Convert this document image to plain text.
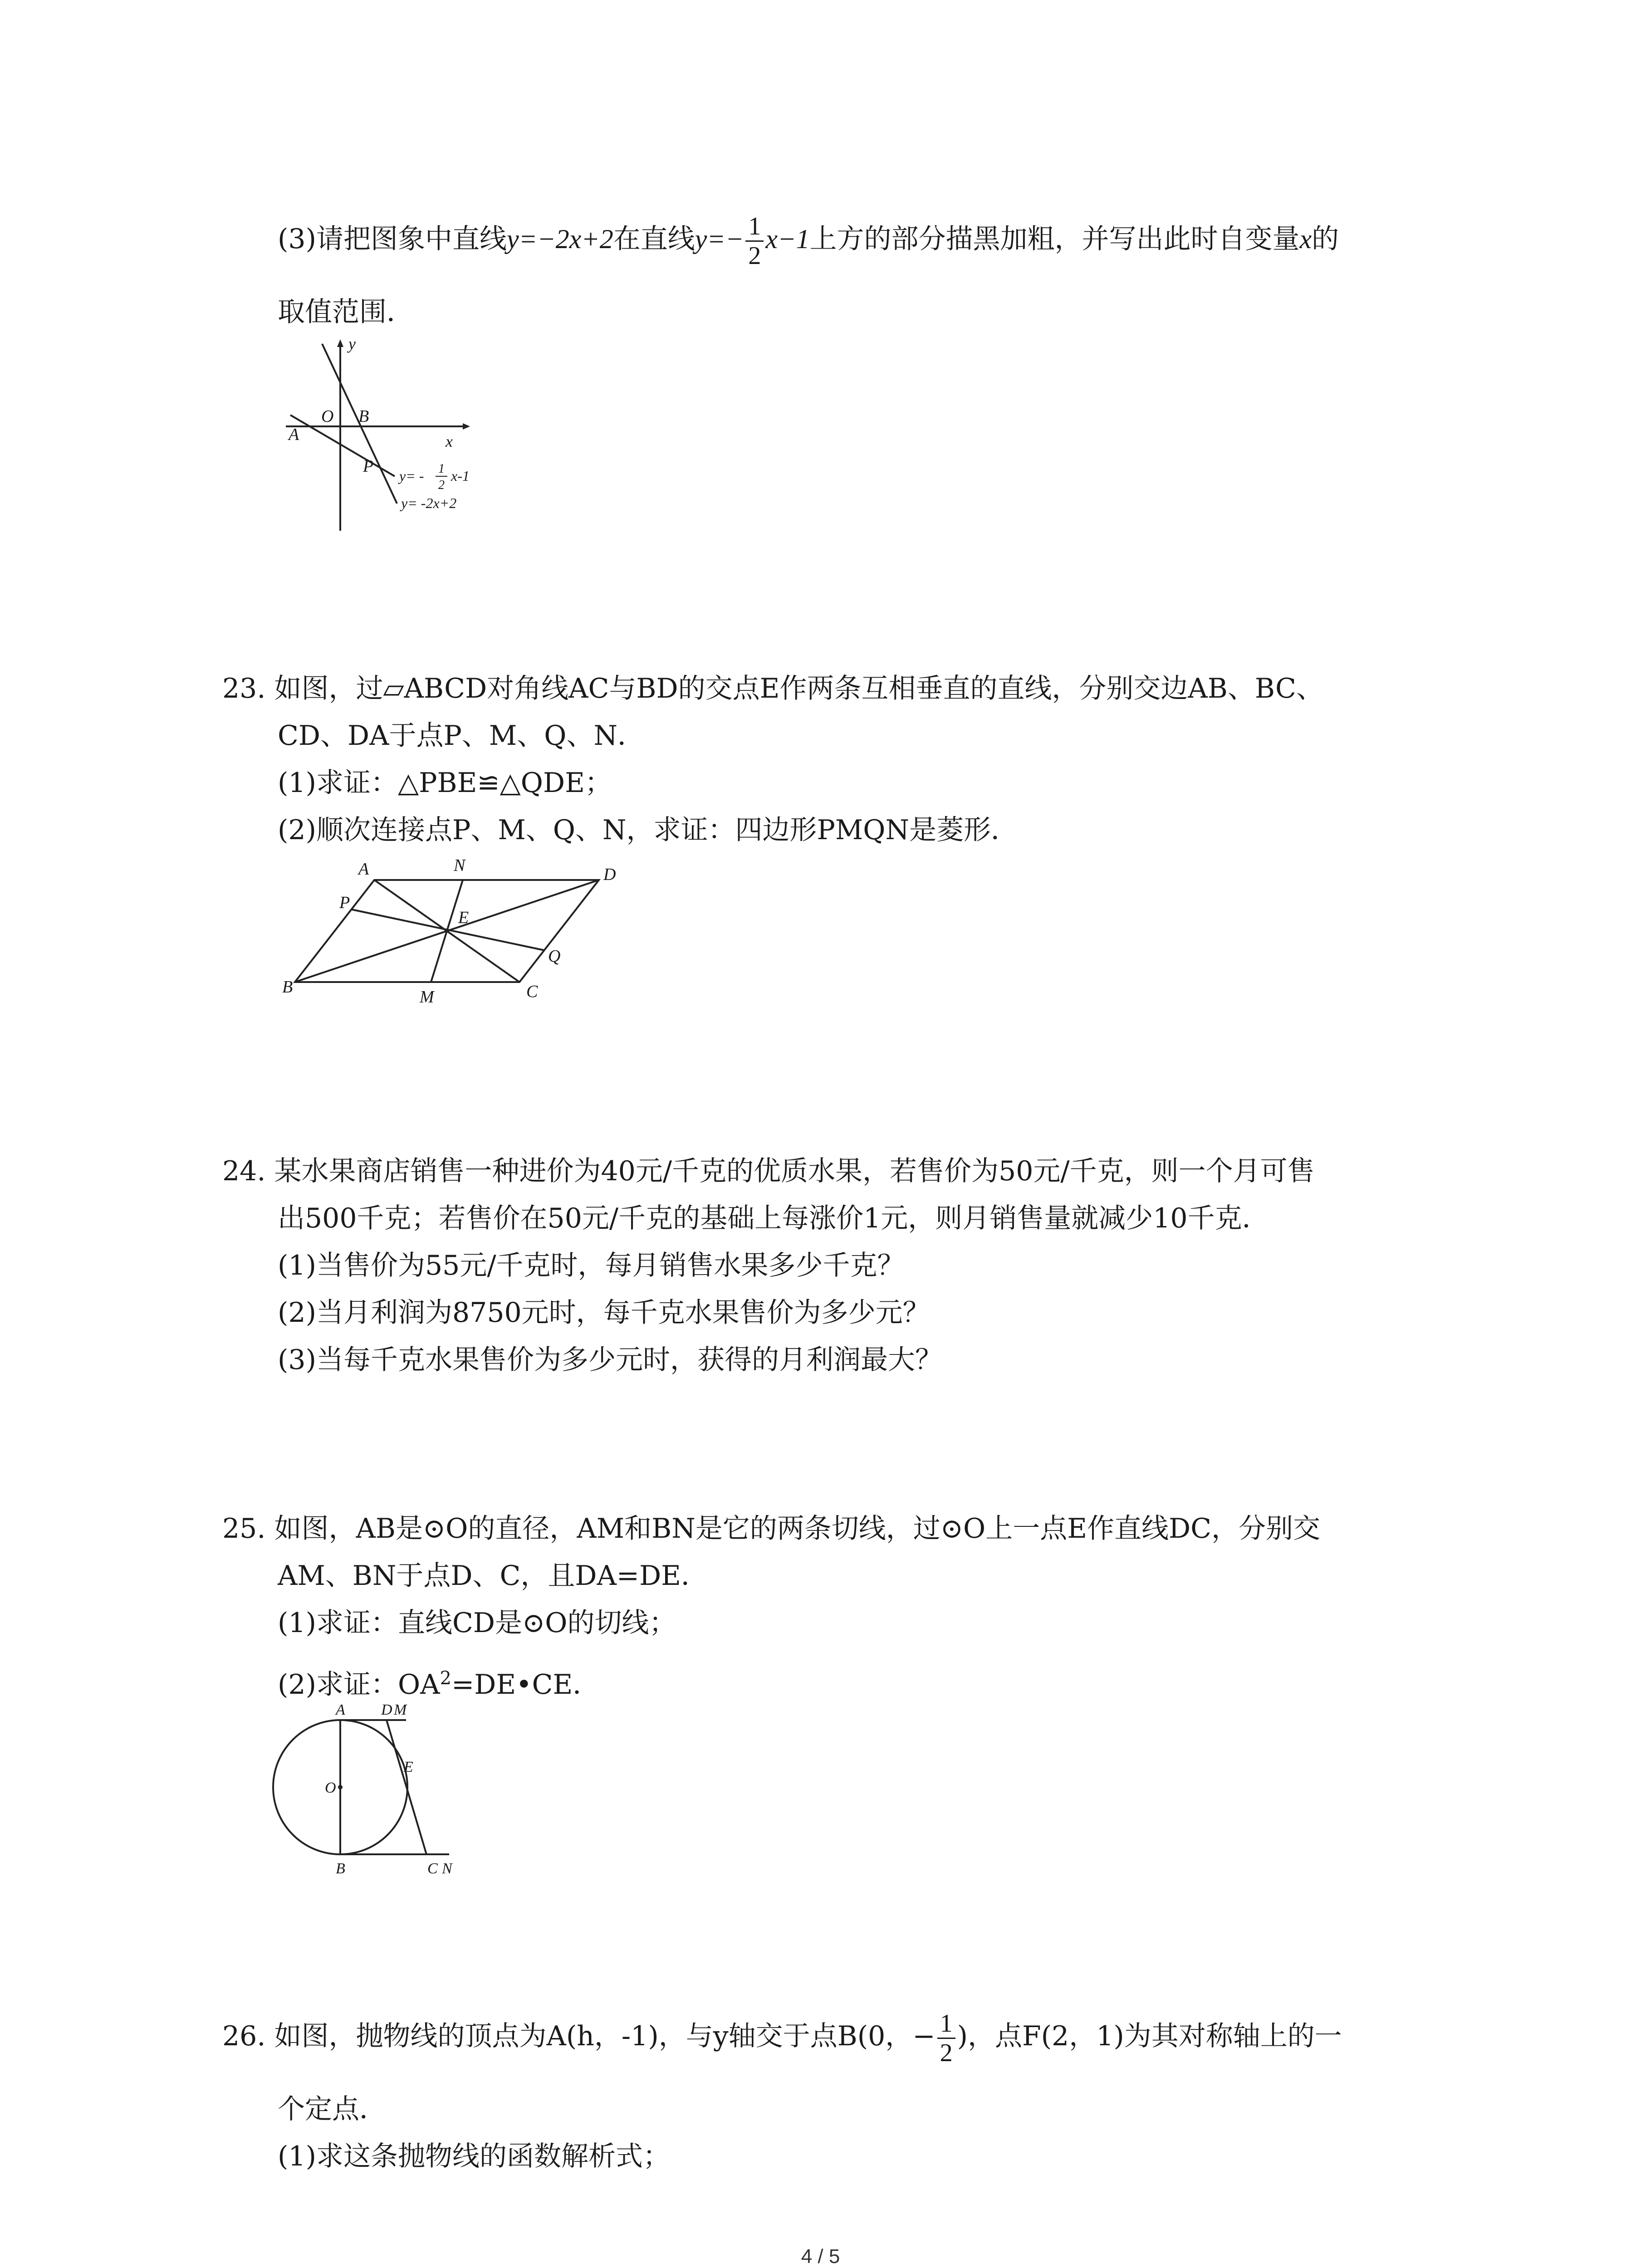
(3)请把图象中直线y=−2x+2在直线$y=- \frac{1}{2} x-1$上方的部分描黑加粗，并写出此时自变量x的
取值范围．
y
x
O B
A
P y= - 1
2
x-1
y= -2x+2
23. 如图，过▱ABCD对角线AC与BD的交点E作两条互相垂直的直线，分别交边AB、BC、
CD、DA于点P、M、Q、N．
(1)求证：△PBE≌△QDE；
(2)顺次连接点P、M、Q、N，求证：四边形PMQN是菱形．
A	N	D
P
E
Q
B
M	C
24. 某水果商店销售一种进价为40元/千克的优质水果，若售价为50元/千克，则一个月可售
出500千克；若售价在50元/千克的基础上每涨价1元，则月销售量就减少10千克．
(1)当售价为55元/千克时，每月销售水果多少千克？
(2)当月利润为8750元时，每千克水果售价为多少元？
(3)当每千克水果售价为多少元时，获得的月利润最大？
25. 如图，AB是⊙O的直径，AM和BN是它的两条切线，过⊙O上一点E作直线DC，分别交
AM、BN于点D、C，且DA=DE．
(1)求证：直线CD是⊙O的切线；
(2)求证：$OA^2=DE•CE$．
A D M
O
E
B	C N
26. 如图，抛物线的顶点为A(h，-1)，与y轴交于点B(0，− $\frac{1}{2}$ )，点F(2，1)为其对称轴上的一
个定点．
(1)求这条抛物线的函数解析式；
4 / 5
